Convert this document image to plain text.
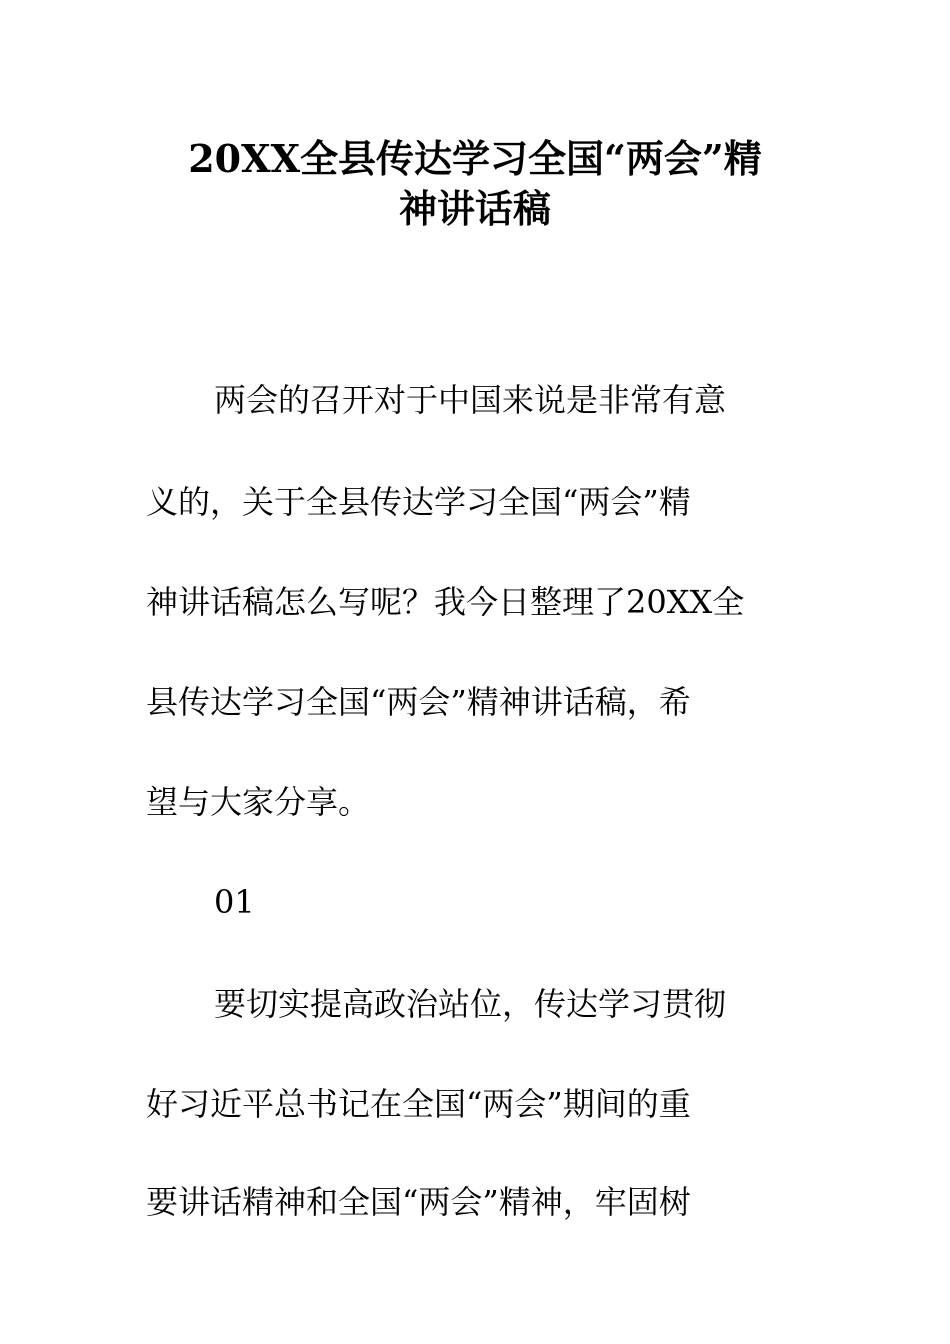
20XX全县传达学习全国“两会”精
神讲话稿
两会的召开对于中国来说是非常有意
义的，关于全县传达学习全国“两会”精
神讲话稿怎么写呢？我今日整理了20XX全
县传达学习全国“两会”精神讲话稿，希
望与大家分享。
01
要切实提高政治站位，传达学习贯彻
好习近平总书记在全国“两会”期间的重
要讲话精神和全国“两会”精神，牢固树
